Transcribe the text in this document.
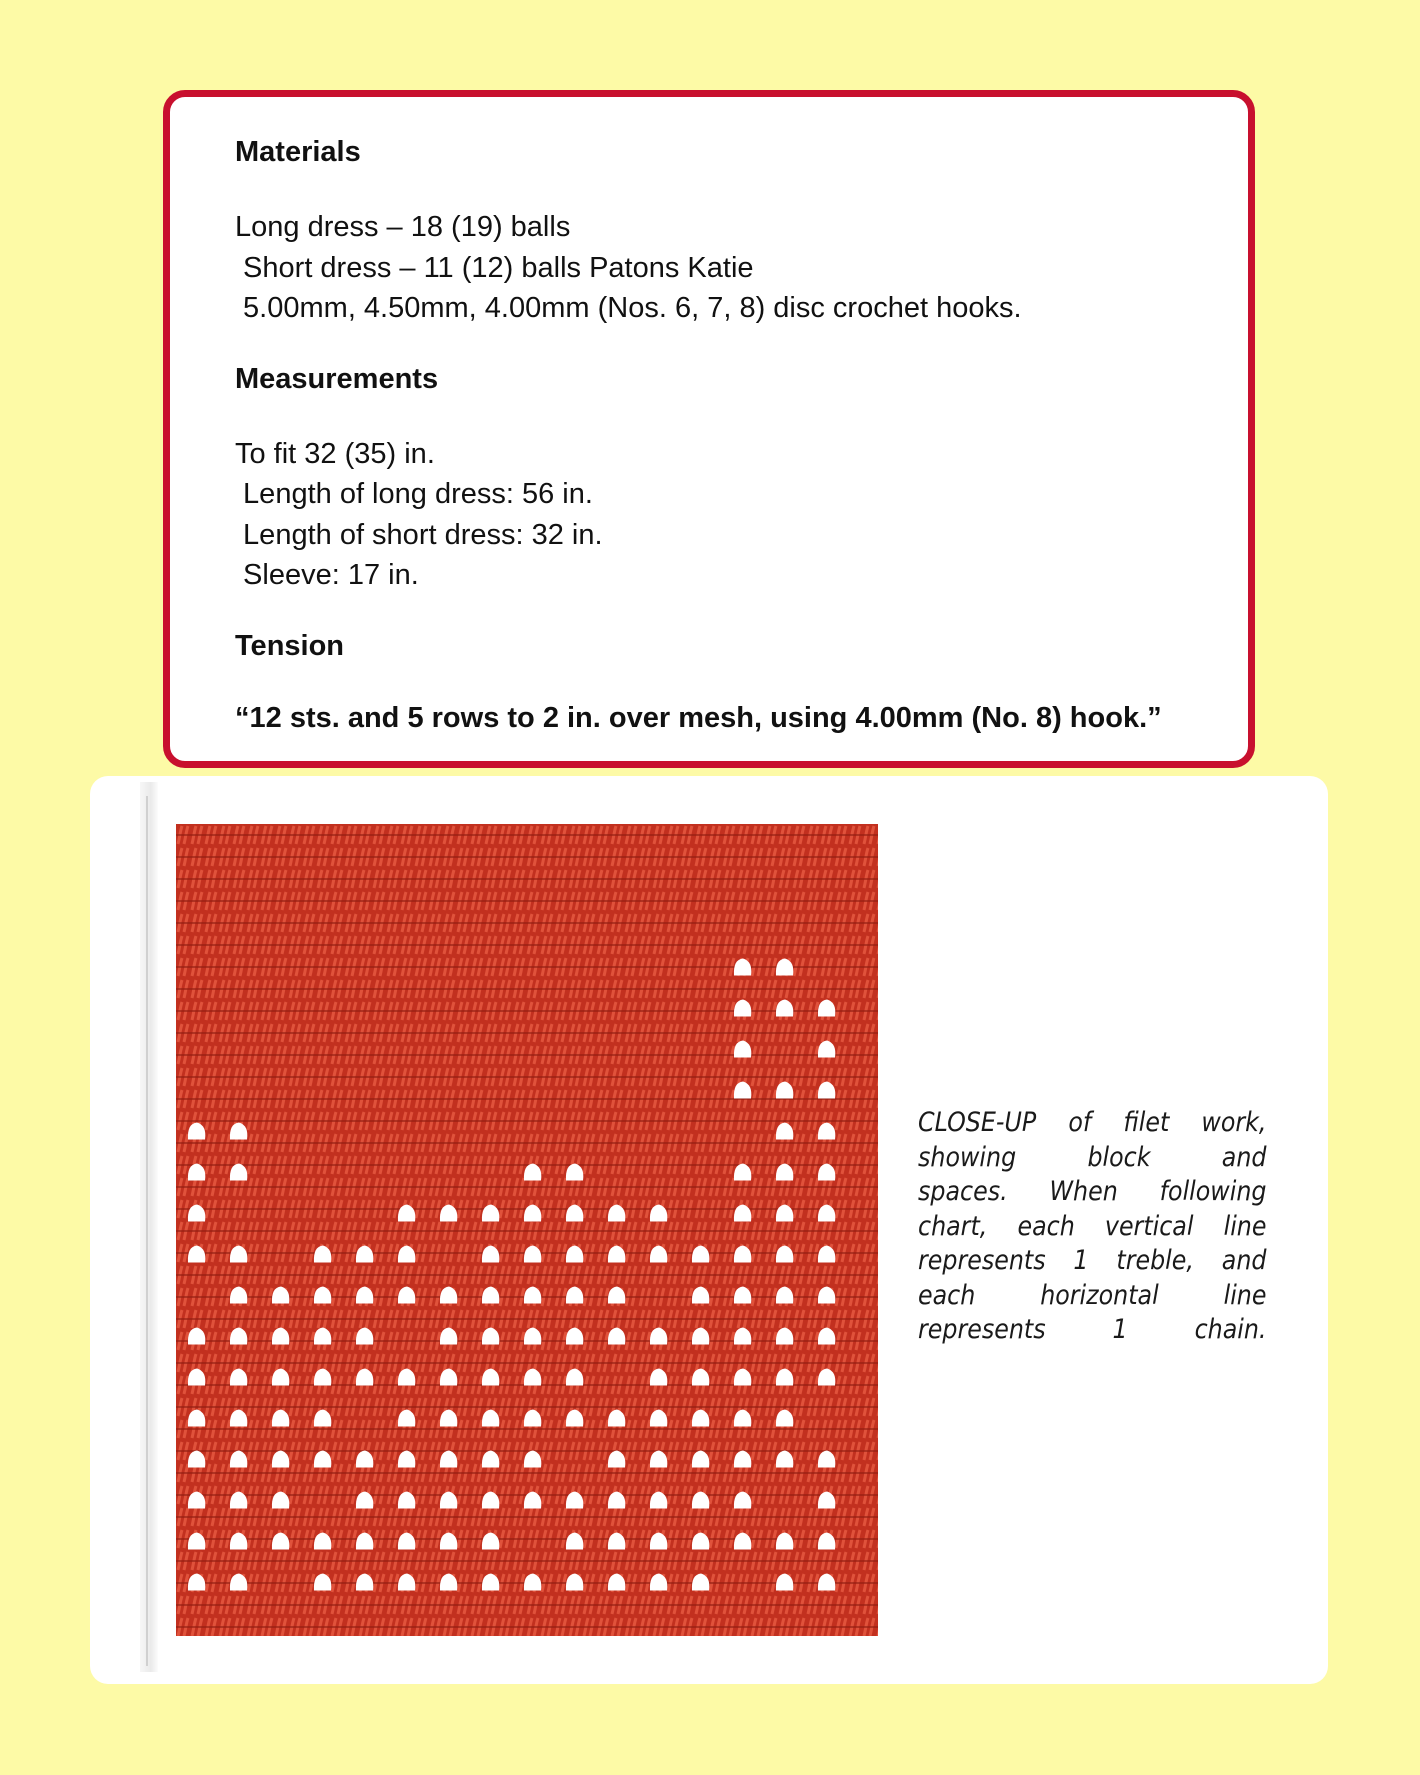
Materials

Long dress – 18 (19) balls

Short dress – 11 (12) balls Patons Katie

5.00mm, 4.50mm, 4.00mm (Nos. 6, 7, 8) disc crochet hooks.

Measurements

To fit 32 (35) in.

Length of long dress: 56 in.

Length of short dress: 32 in.

Sleeve: 17 in.

Tension

“12 sts. and 5 rows to 2 in. over mesh, using 4.00mm (No. 8) hook.”

CLOSE-UP of filet work,
showing block and
spaces. When following
chart, each vertical line
represents 1 treble, and
each horizontal line
represents 1 chain.
